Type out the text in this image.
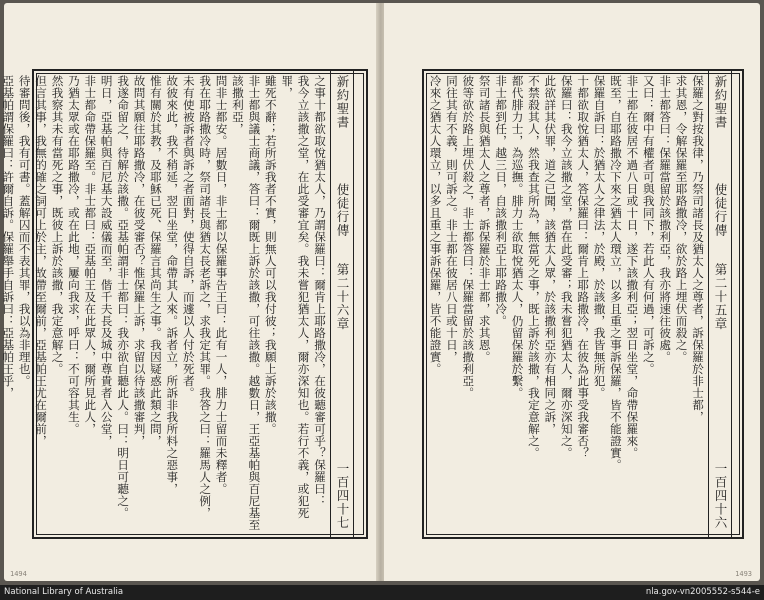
新約聖書
使徒行傳
第二十六章
一百四十七
之事十都欲取悅猶太人，乃謂保羅曰：爾肯上耶路撒冷，在彼聽審可乎？保羅曰：
我今立該撒之堂，在此受審宜矣。我未嘗犯猶太人，爾亦深知也。若行不義，或犯死罪，
雖死不辭；若所訴我者不實，則無人可以我付彼；我願上訴於該撒。
非士都與議士商議，答曰：爾既上訴於該撒，可往該撒。越數日，王亞基帕與百尼基至該撒利亞，
問非士都安。居數日，非士都以保羅事告王曰：此有一人，腓力士留而未釋者。
我在耶路撒冷時，祭司諸長與猶太長老訴之，求我定其罪。我答之曰：羅馬人之例，
未有使被訴者與訴之者面對，使得自訴，而遽以人付於死者。
故彼來此，我不稍延，翌日坐堂，命帶其人來。訴者立，所訴非我所料之惡事，
惟有關於其教，及耶穌已死、保羅言其尚生之事。我因疑惑此類之問，
故問其願往耶路撒冷，在彼受審否？惟保羅上訴，求留以待該撒審判，
我遂命留之，待解於該撒。亞基帕謂非士都曰：我亦欲自聽此人。曰：明日可聽之。
明日，亞基帕與百尼基大設威儀而至，偕千夫長及城中尊貴者入公堂，
非士都命帶保羅至。非士都曰：亞基帕王及在此眾人，爾所見此人，
乃猶太眾或在耶路撒冷，或在此地，屢向我求，呼曰：不可容其生。
然我察其未有當死之事，既彼上訴於該撒，我定意解之。
但言其事，我無的確之詞可上於主，故帶至爾前，亞基帕王尤在爾前，
待審問後，我有可書。蓋解囚而不表其罪，我以為非理也。
亞基帕謂保羅曰：許爾自訴。保羅舉手自訴曰：亞基帕王乎，
1494
新約聖書
使徒行傳
第二十五章
一百四十六
保羅之對按我律，乃祭司諸長及猶太人之尊者，訴保羅於非士都，
求其恩，令解保羅至耶路撒冷，欲於路上埋伏而殺之。
非士都答曰：保羅當留於該撒利亞，我亦將速往彼處。
又曰：爾中有權者可與我同下，若此人有何過，可訴之。
非士都在彼居不過八日或十日，遂下該撒利亞；翌日坐堂，命帶保羅來。
既至，自耶路撒冷下來之猶太人環立，以多且重之事訴保羅，皆不能證實。
保羅自訴曰：於猶太人之律法，於殿，於該撒，我皆無所犯。
十都欲取悅猶太人，答保羅曰：爾肯上耶路撒冷，在彼為此事受我審否？
保羅曰：我今立該撒之堂，當在此受審；我未嘗犯猶太人，爾亦深知之。
此欲詳其伏罪，道之已聞，該猶太人眾，於該撒利亞亦有相同之訴，
不禁殺其人，然我查其所為，無當死之事，既上訴於該撒，我定意解之。
都代腓力士，為巡撫。腓力士欲取悅猶太人，仍留保羅於繫。
非士都到任，越三日，自該撒利亞上耶路撒冷。
祭司諸長與猶太人之尊者，訴保羅於非士都，求其恩。
彼等欲於路上埋伏殺之，非士都答曰：保羅當留於該撒利亞。
同往其有不義，則可訴之。非士都在彼居八日或十日，
冷來之猶太人環立，以多且重之事訴保羅，皆不能證實。
1493
National Library of Australia	nla.gov-vn2005552-s544-e
